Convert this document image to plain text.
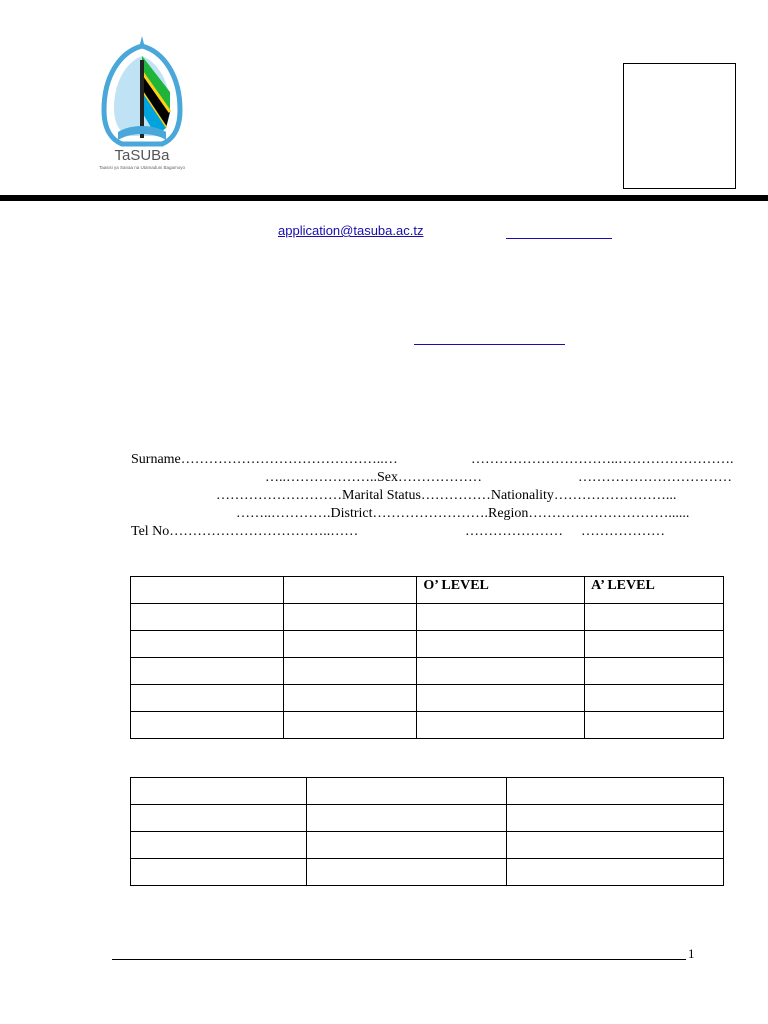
TaSUBa
Taasisi ya Sanaa na Utamaduni Bagamoyo
application@tasuba.ac.tz
Surname……………………………………..…	…………………………..…………………….
…..………………..Sex………………	……………………………
………………………Marital Status……………Nationality……………………...
……..………….District…………………….Region…………………………......
Tel No……………………………..……	………………… ………………
		O’ LEVEL	A’ LEVEL

1
